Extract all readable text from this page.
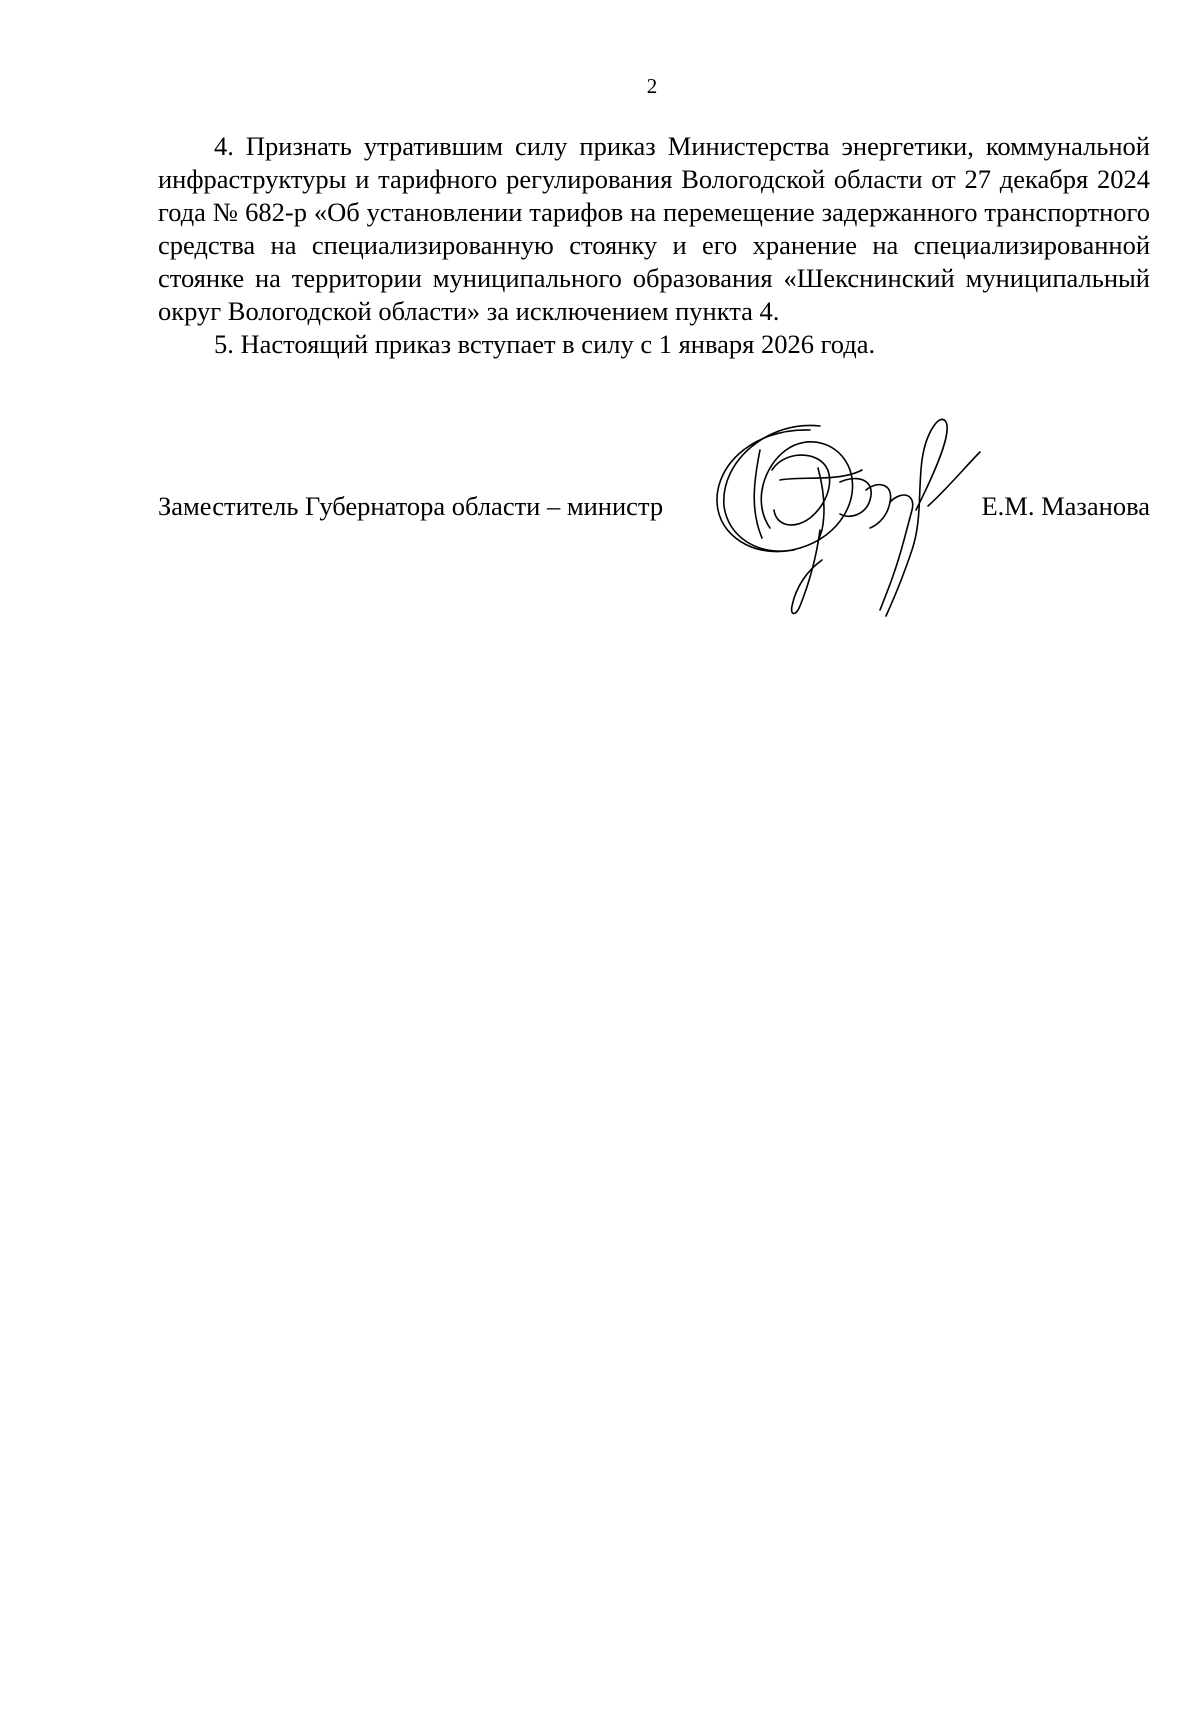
2

4. Признать утратившим силу приказ Министерства энергетики, коммунальной инфраструктуры и тарифного регулирования Вологодской области от 27 декабря 2024 года № 682-р «Об установлении тарифов на перемещение задержанного транспортного средства на специализированную стоянку и его хранение на специализированной стоянке на территории муниципального образования «Шекснинский муниципальный округ Вологодской области» за исключением пункта 4.

5. Настоящий приказ вступает в силу с 1 января 2026 года.

Заместитель Губернатора области – министр	Е.М. Мазанова
